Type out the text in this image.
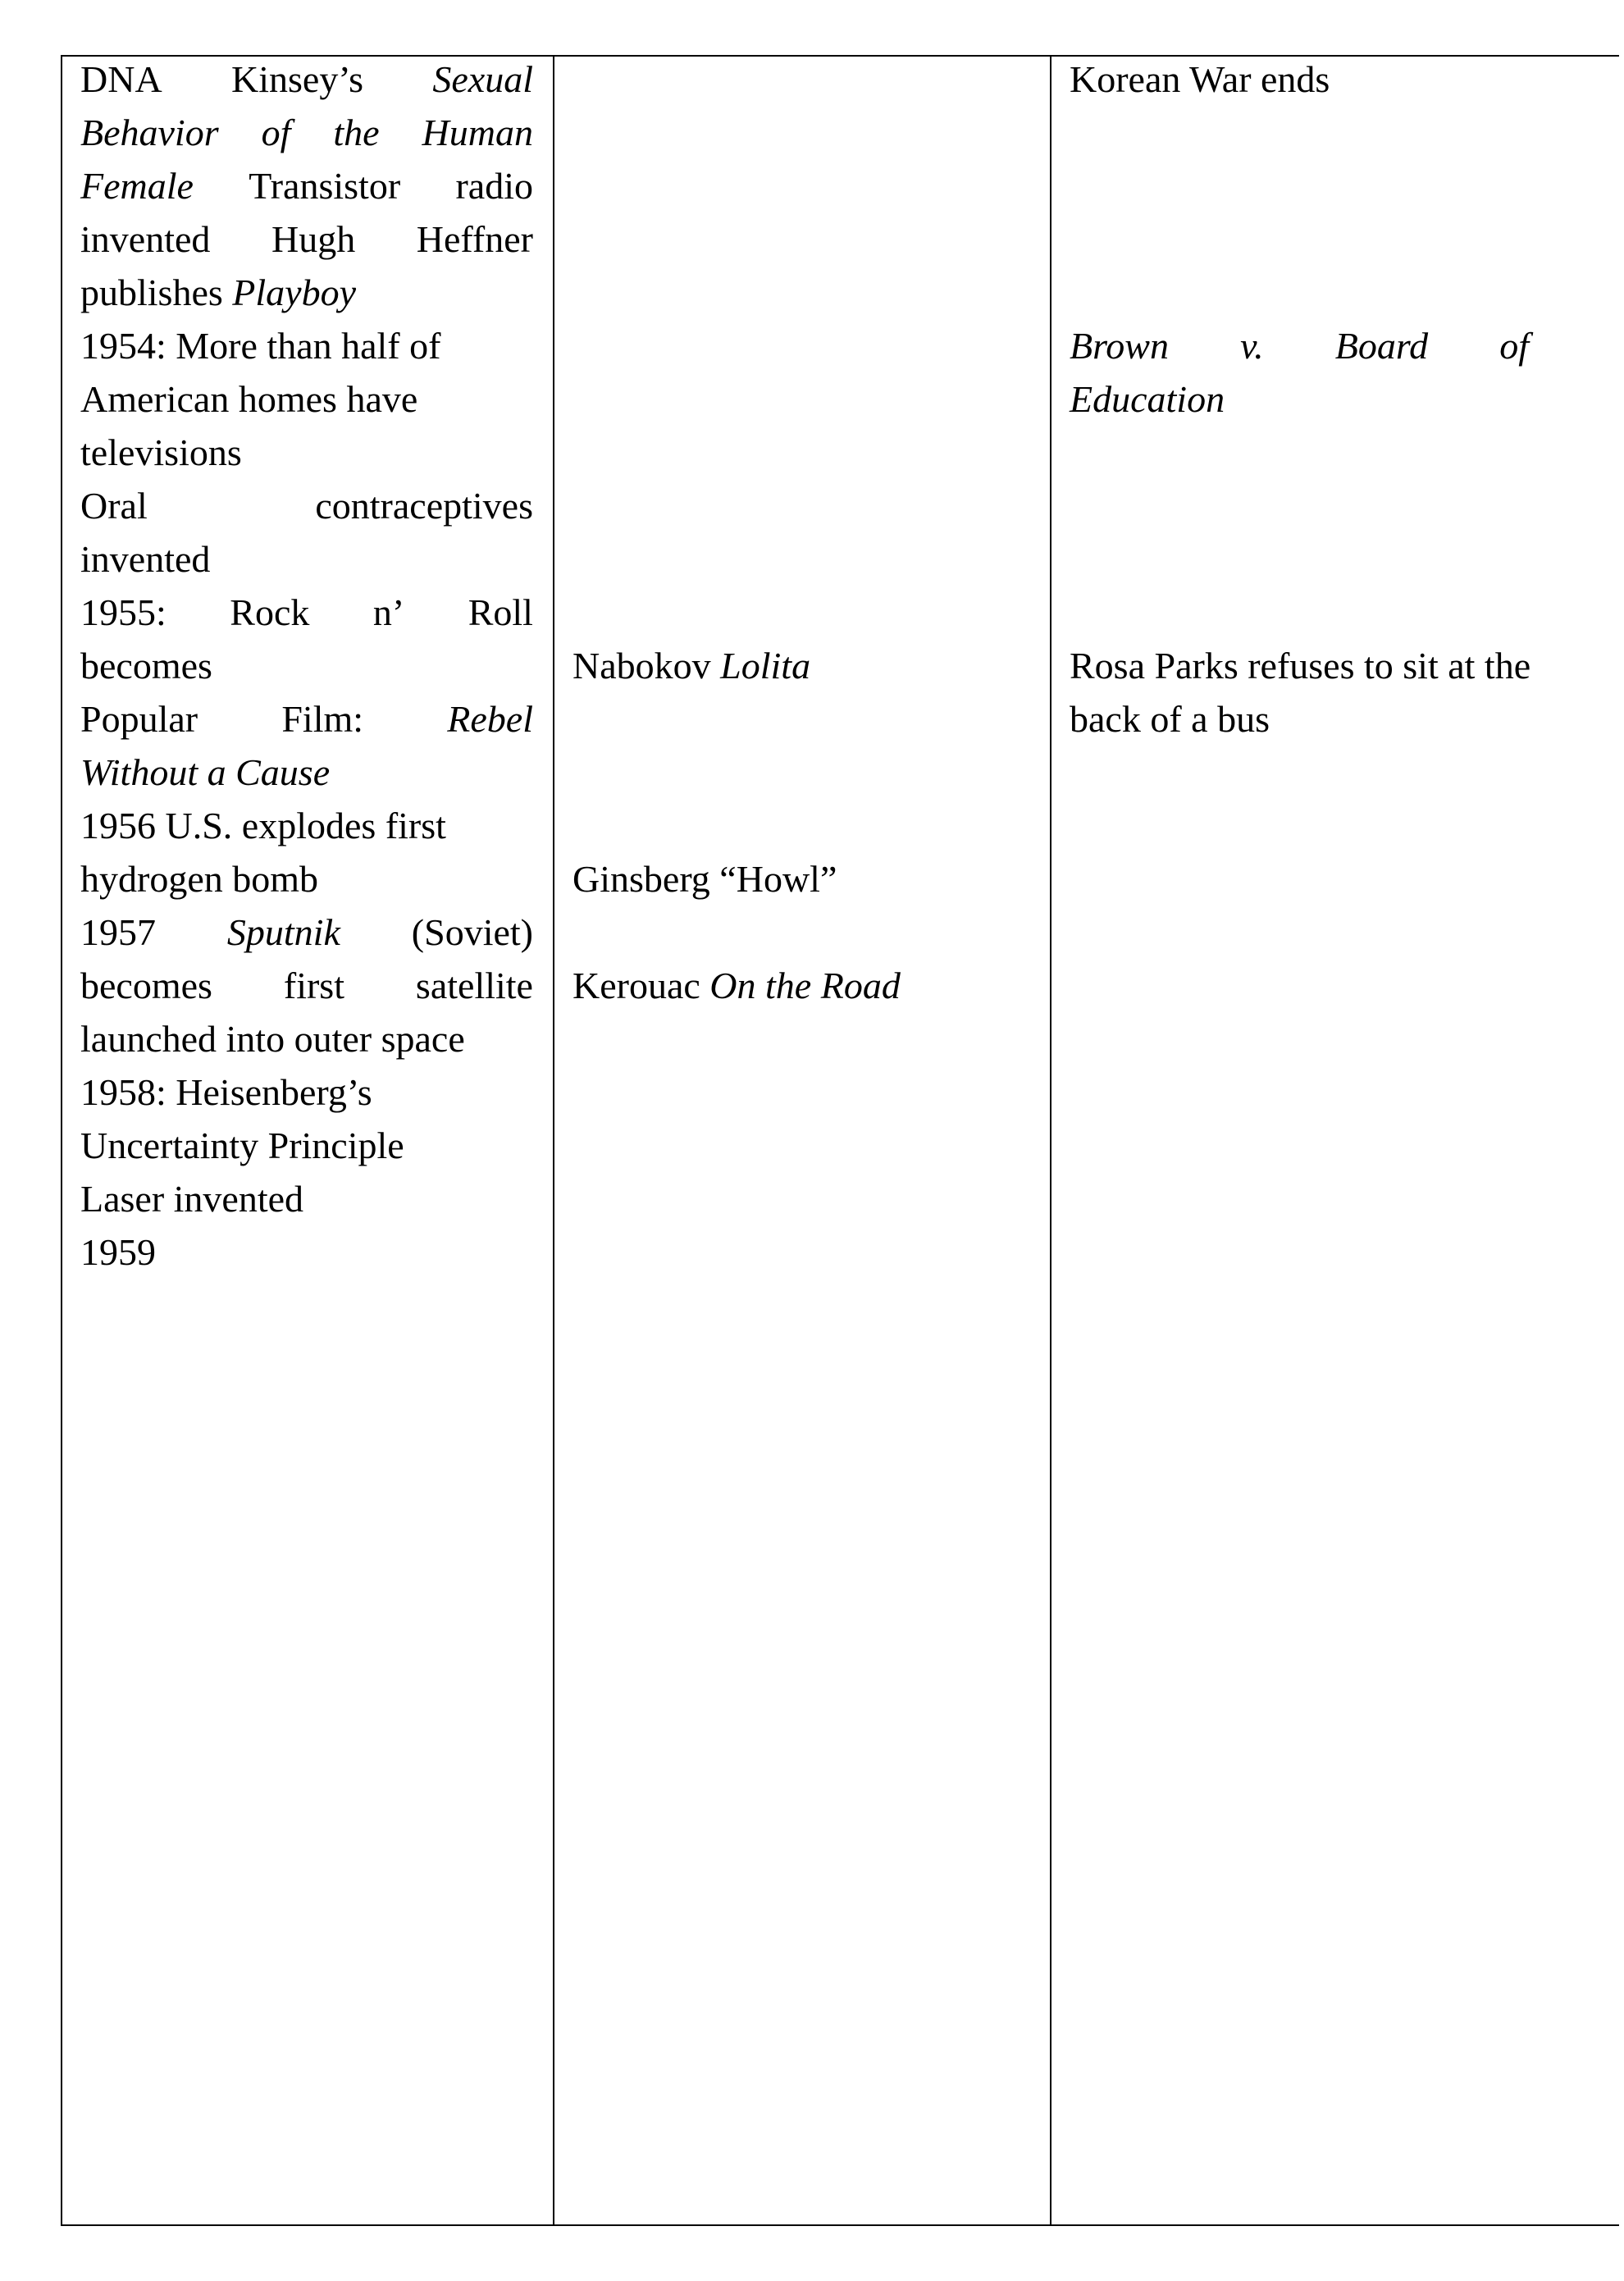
DNA Kinsey’s Sexual
Behavior of the Human
Female Transistor radio
invented Hugh Heffner
publishes Playboy
1954: More than half of
American homes have
televisions
Oral	contraceptives
invented
1955: Rock n’ Roll
becomes
Popular Film: Rebel
Without a Cause
1956 U.S. explodes first
hydrogen bomb
1957 Sputnik (Soviet)
becomes first satellite
launched into outer space
1958: Heisenberg’s
Uncertainty Principle
Laser invented
1959
Nabokov Lolita
Ginsberg “Howl”
Kerouac On the Road
Korean War ends
Brown v. Board of
Education
Rosa Parks refuses to sit at the
back of a bus
